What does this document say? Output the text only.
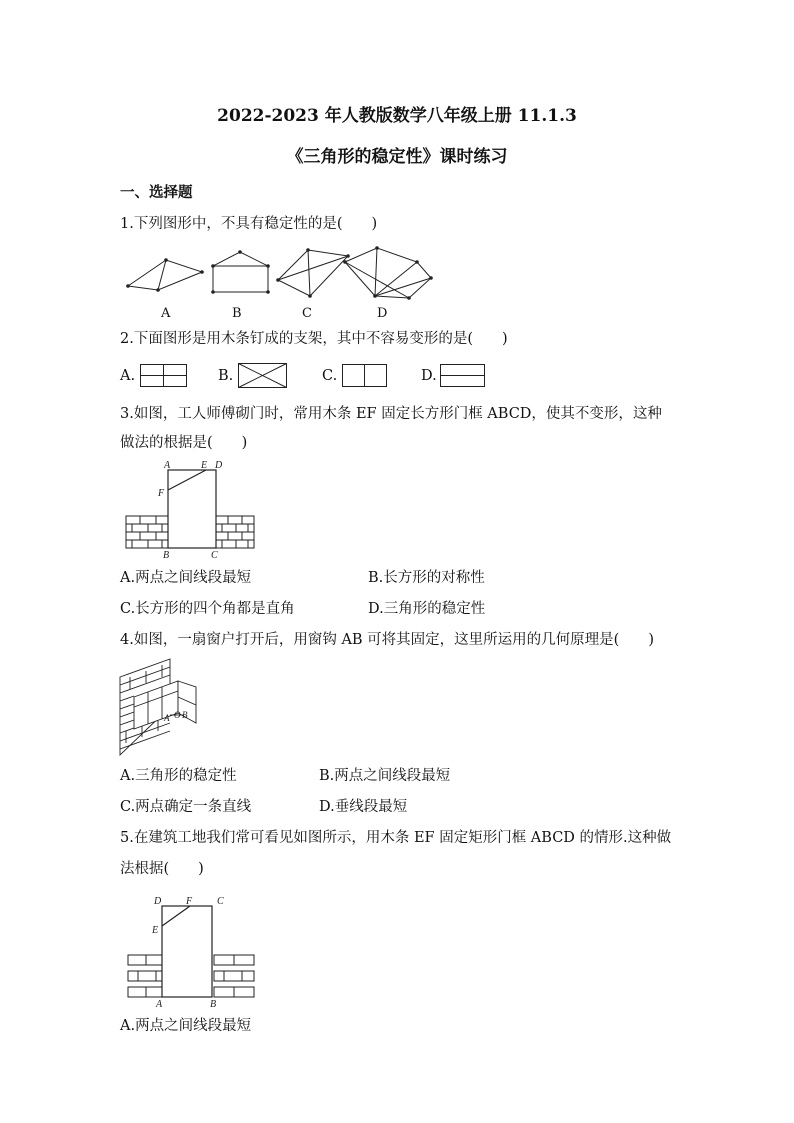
2022-2023 年人教版数学八年级上册 11.1.3
《三角形的稳定性》课时练习
一、选择题
1.下列图形中，不具有稳定性的是(　　)
A	B	C	D
2.下面图形是用木条钉成的支架，其中不容易变形的是(　　)
A.	B.	C.	D.
3.如图，工人师傅砌门时，常用木条 EF 固定长方形门框 ABCD，使其不变形，这种
做法的根据是(　　)
A	E D
F
B	C
A.两点之间线段最短	B.长方形的对称性
C.长方形的四个角都是直角	D.三角形的稳定性
4.如图，一扇窗户打开后，用窗钩 AB 可将其固定，这里所运用的几何原理是(　　)
A O B
A.三角形的稳定性	B.两点之间线段最短
C.两点确定一条直线	D.垂线段最短
5.在建筑工地我们常可看见如图所示，用木条 EF 固定矩形门框 ABCD 的情形.这种做
法根据(　　)
D F C
E
A	B
A.两点之间线段最短
